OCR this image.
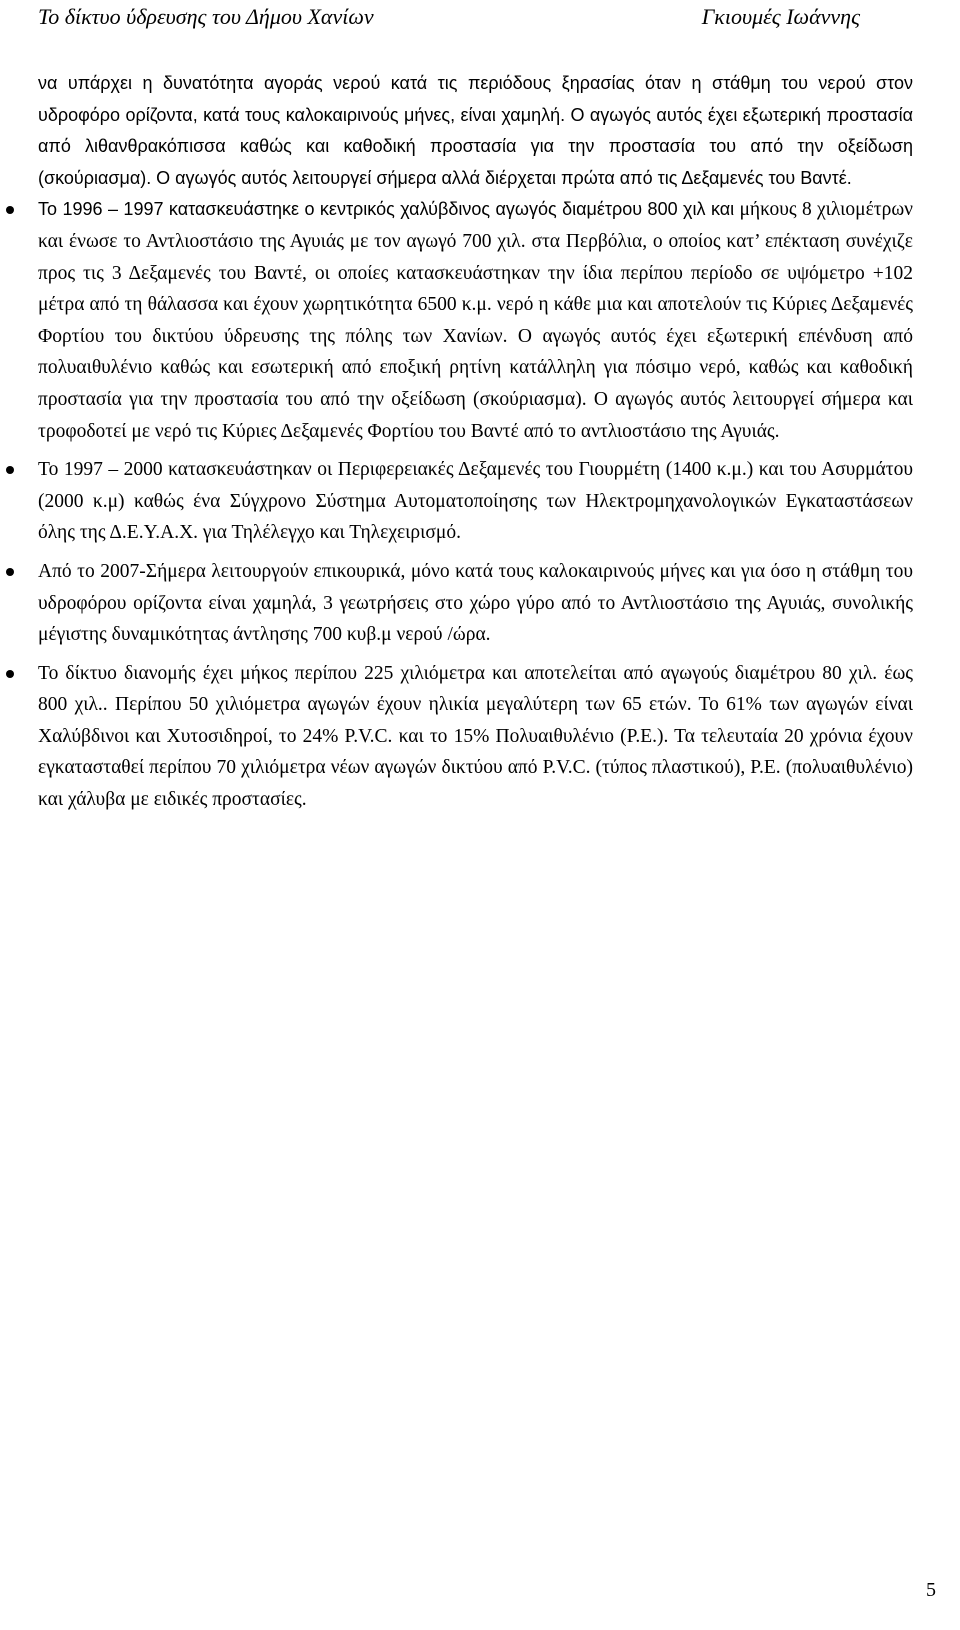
Το δίκτυο ύδρευσης του Δήμου Χανίων	Γκιουμές Ιωάννης

να υπάρχει η δυνατότητα αγοράς νερού κατά τις περιόδους ξηρασίας όταν η στάθμη του νερού στον υδροφόρο ορίζοντα, κατά τους καλοκαιρινούς μήνες, είναι χαμηλή. Ο αγωγός αυτός έχει εξωτερική προστασία από λιθανθρακόπισσα καθώς και καθοδική προστασία για την προστασία του από την οξείδωση (σκούριασμα). Ο αγωγός αυτός λειτουργεί σήμερα αλλά διέρχεται πρώτα από τις Δεξαμενές του Βαντέ.

Το 1996 – 1997 κατασκευάστηκε ο κεντρικός χαλύβδινος αγωγός διαμέτρου 800 χιλ και μήκους 8 χιλιομέτρων και ένωσε το Αντλιοστάσιο της Αγυιάς με τον αγωγό 700 χιλ. στα Περβόλια, ο οποίος κατ’ επέκταση συνέχιζε προς τις 3 Δεξαμενές του Βαντέ, οι οποίες κατασκευάστηκαν την ίδια περίπου περίοδο σε υψόμετρο +102 μέτρα από τη θάλασσα και έχουν χωρητικότητα 6500 κ.μ. νερό η κάθε μια και αποτελούν τις Κύριες Δεξαμενές Φορτίου του δικτύου ύδρευσης της πόλης των Χανίων. Ο αγωγός αυτός έχει εξωτερική επένδυση από πολυαιθυλένιο καθώς και εσωτερική από εποξική ρητίνη κατάλληλη για πόσιμο νερό, καθώς και καθοδική προστασία για την προστασία του από την οξείδωση (σκούριασμα). Ο αγωγός αυτός λειτουργεί σήμερα και τροφοδοτεί με νερό τις Κύριες Δεξαμενές Φορτίου του Βαντέ από το αντλιοστάσιο της Αγυιάς.
Το 1997 – 2000 κατασκευάστηκαν οι Περιφερειακές Δεξαμενές του Γιουρμέτη (1400 κ.μ.) και του Ασυρμάτου (2000 κ.μ) καθώς ένα Σύγχρονο Σύστημα Αυτοματοποίησης των Ηλεκτρομηχανολογικών Εγκαταστάσεων όλης της Δ.Ε.Υ.Α.Χ. για Τηλέλεγχο και Τηλεχειρισμό.
Από το 2007-Σήμερα λειτουργούν επικουρικά, μόνο κατά τους καλοκαιρινούς μήνες και για όσο η στάθμη του υδροφόρου ορίζοντα είναι χαμηλά, 3 γεωτρήσεις στο χώρο γύρο από το Αντλιοστάσιο της Αγυιάς, συνολικής μέγιστης δυναμικότητας άντλησης 700 κυβ.μ νερού /ώρα.
Το δίκτυο διανομής έχει μήκος περίπου 225 χιλιόμετρα και αποτελείται από αγωγούς διαμέτρου 80 χιλ. έως 800 χιλ.. Περίπου 50 χιλιόμετρα αγωγών έχουν ηλικία μεγαλύτερη των 65 ετών. Το 61% των αγωγών είναι Χαλύβδινοι και Χυτοσιδηροί, το 24% P.V.C. και το 15% Πολυαιθυλένιο (Ρ.Ε.). Τα τελευταία 20 χρόνια έχουν εγκατασταθεί περίπου 70 χιλιόμετρα νέων αγωγών δικτύου από P.V.C. (τύπος πλαστικού), Ρ.Ε. (πολυαιθυλένιο) και χάλυβα με ειδικές προστασίες.
5
